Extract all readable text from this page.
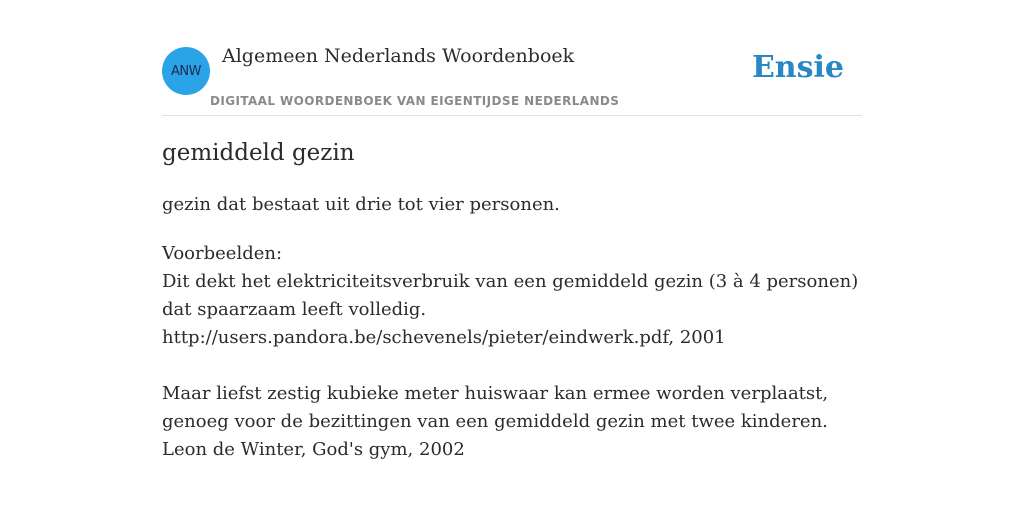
ANW
Algemeen Nederlands Woordenboek
DIGITAAL WOORDENBOEK VAN EIGENTIJDSE NEDERLANDS
Ensie
gemiddeld gezin
gezin dat bestaat uit drie tot vier personen.
Voorbeelden:
Dit dekt het elektriciteitsverbruik van een gemiddeld gezin (3 à 4 personen) dat spaarzaam leeft volledig.
http://users.pandora.be/schevenels/pieter/eindwerk.pdf, 2001
Maar liefst zestig kubieke meter huiswaar kan ermee worden verplaatst, genoeg voor de bezittingen van een gemiddeld gezin met twee kinderen.
Leon de Winter, God's gym, 2002
